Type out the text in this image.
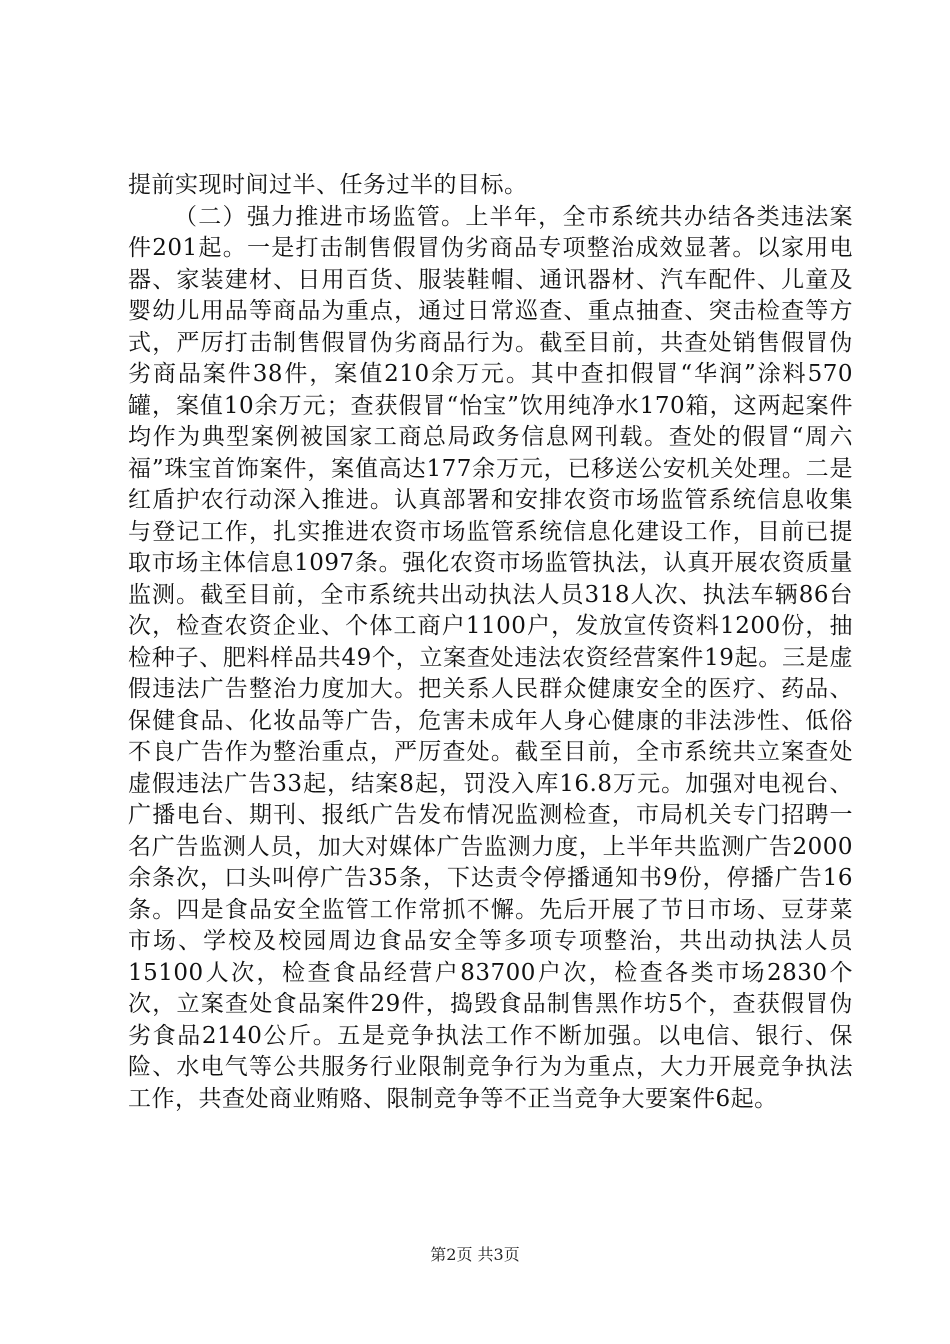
提前实现时间过半、任务过半的目标。

（二）强力推进市场监管。上半年，全市系统共办结各类违法案件201起。一是打击制售假冒伪劣商品专项整治成效显著。以家用电器、家装建材、日用百货、服装鞋帽、通讯器材、汽车配件、儿童及婴幼儿用品等商品为重点，通过日常巡查、重点抽查、突击检查等方式，严厉打击制售假冒伪劣商品行为。截至目前，共查处销售假冒伪劣商品案件38件，案值210余万元。其中查扣假冒“华润”涂料570罐，案值10余万元；查获假冒“怡宝”饮用纯净水170箱，这两起案件均作为典型案例被国家工商总局政务信息网刊载。查处的假冒“周六福”珠宝首饰案件，案值高达177余万元，已移送公安机关处理。二是红盾护农行动深入推进。认真部署和安排农资市场监管系统信息收集与登记工作，扎实推进农资市场监管系统信息化建设工作，目前已提取市场主体信息1097条。强化农资市场监管执法，认真开展农资质量监测。截至目前，全市系统共出动执法人员318人次、执法车辆86台次，检查农资企业、个体工商户1100户，发放宣传资料1200份，抽检种子、肥料样品共49个，立案查处违法农资经营案件19起。三是虚假违法广告整治力度加大。把关系人民群众健康安全的医疗、药品、保健食品、化妆品等广告，危害未成年人身心健康的非法涉性、低俗不良广告作为整治重点，严厉查处。截至目前，全市系统共立案查处虚假违法广告33起，结案8起，罚没入库16.8万元。加强对电视台、广播电台、期刊、报纸广告发布情况监测检查，市局机关专门招聘一名广告监测人员，加大对媒体广告监测力度，上半年共监测广告2000余条次，口头叫停广告35条，下达责令停播通知书9份，停播广告16条。四是食品安全监管工作常抓不懈。先后开展了节日市场、豆芽菜市场、学校及校园周边食品安全等多项专项整治，共出动执法人员15100人次，检查食品经营户83700户次，检查各类市场2830个次，立案查处食品案件29件，捣毁食品制售黑作坊5个，查获假冒伪劣食品2140公斤。五是竞争执法工作不断加强。以电信、银行、保险、水电气等公共服务行业限制竞争行为为重点，大力开展竞争执法工作，共查处商业贿赂、限制竞争等不正当竞争大要案件6起。

第2页 共3页
